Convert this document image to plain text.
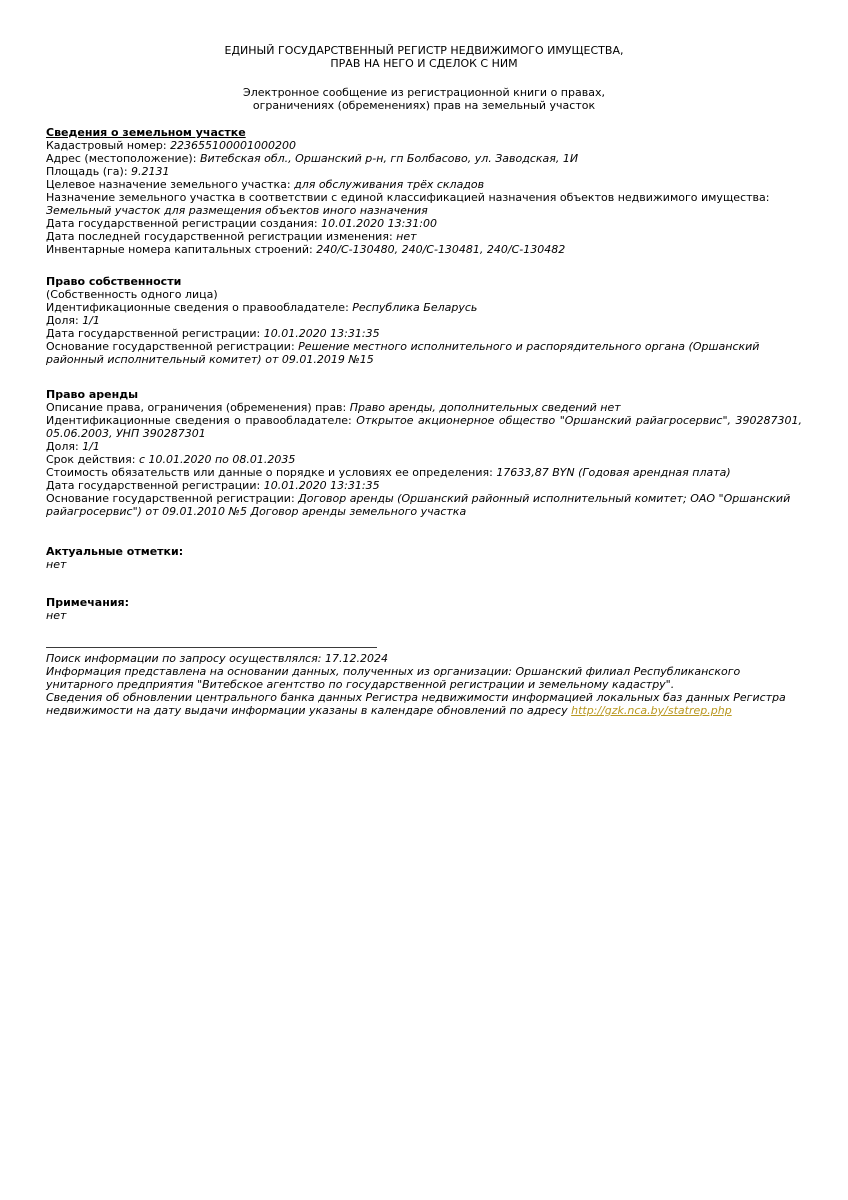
ЕДИНЫЙ ГОСУДАРСТВЕННЫЙ РЕГИСТР НЕДВИЖИМОГО ИМУЩЕСТВА,

ПРАВ НА НЕГО И СДЕЛОК С НИМ

Электронное сообщение из регистрационной книги о правах,

ограничениях (обременениях) прав на земельный участок

Сведения о земельном участке

Кадастровый номер: 223655100001000200

Адрес (местоположение): Витебская обл., Оршанский р-н, гп Болбасово, ул. Заводская, 1И

Площадь (га): 9.2131

Целевое назначение земельного участка: для обслуживания трёх складов

Назначение земельного участка в соответствии с единой классификацией назначения объектов недвижимого имущества: Земельный участок для размещения объектов иного назначения

Дата государственной регистрации создания: 10.01.2020 13:31:00

Дата последней государственной регистрации изменения: нет

Инвентарные номера капитальных строений: 240/C-130480, 240/C-130481, 240/C-130482

Право собственности

(Собственность одного лица)

Идентификационные сведения о правообладателе: Республика Беларусь

Доля: 1/1

Дата государственной регистрации: 10.01.2020 13:31:35

Основание государственной регистрации: Решение местного исполнительного и распорядительного органа (Оршанский районный исполнительный комитет) от 09.01.2019 №15

Право аренды

Описание права, ограничения (обременения) прав: Право аренды, дополнительных сведений нет

Идентификационные сведения о правообладателе: Открытое акционерное общество "Оршанский райагросервис", 390287301, 05.06.2003, УНП 390287301

Доля: 1/1

Срок действия: с 10.01.2020 по 08.01.2035

Стоимость обязательств или данные о порядке и условиях ее определения: 17633,87 BYN (Годовая арендная плата)

Дата государственной регистрации: 10.01.2020 13:31:35

Основание государственной регистрации: Договор аренды (Оршанский районный исполнительный комитет; ОАО "Оршанский райагросервис") от 09.01.2010 №5 Договор аренды земельного участка

Актуальные отметки:

нет

Примечания:

нет

Поиск информации по запросу осуществлялся: 17.12.2024

Информация представлена на основании данных, полученных из организации: Оршанский филиал Республиканского унитарного предприятия "Витебское агентство по государственной регистрации и земельному кадастру".

Сведения об обновлении центрального банка данных Регистра недвижимости информацией локальных баз данных Регистра недвижимости на дату выдачи информации указаны в календаре обновлений по адресу http://gzk.nca.by/statrep.php
